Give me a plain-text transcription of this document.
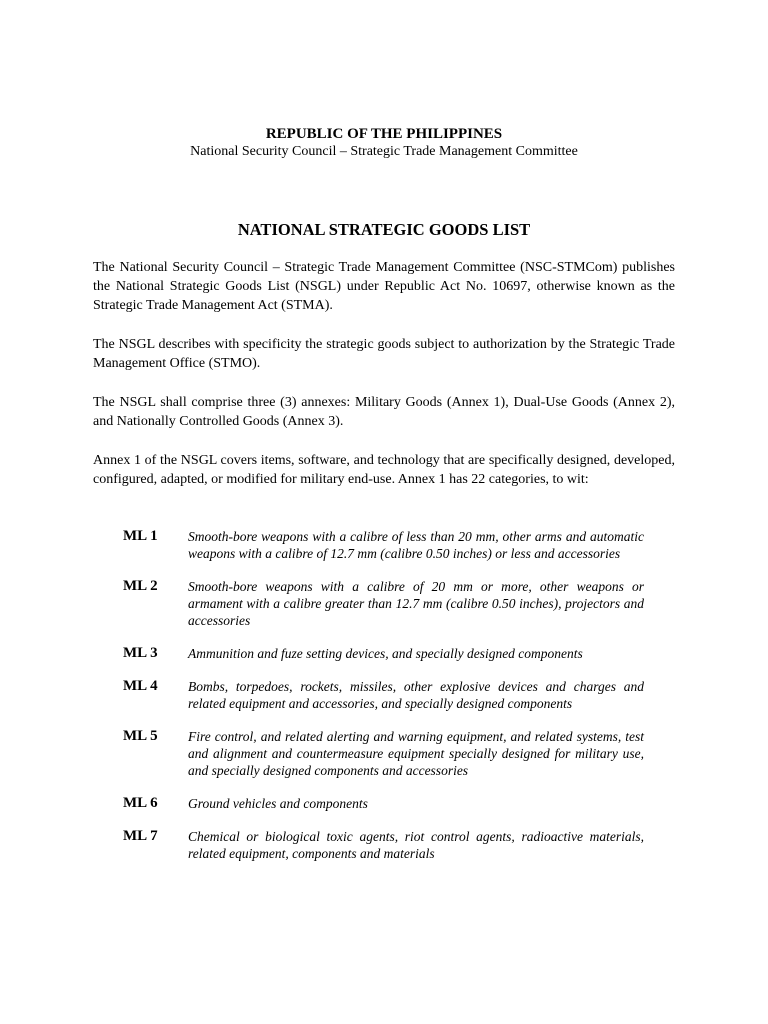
REPUBLIC OF THE PHILIPPINES
National Security Council – Strategic Trade Management Committee
NATIONAL STRATEGIC GOODS LIST

The National Security Council – Strategic Trade Management Committee (NSC-STMCom) publishes the National Strategic Goods List (NSGL) under Republic Act No. 10697, otherwise known as the Strategic Trade Management Act (STMA).

The NSGL describes with specificity the strategic goods subject to authorization by the Strategic Trade Management Office (STMO).

The NSGL shall comprise three (3) annexes: Military Goods (Annex 1), Dual-Use Goods (Annex 2), and Nationally Controlled Goods (Annex 3).

Annex 1 of the NSGL covers items, software, and technology that are specifically designed, developed, configured, adapted, or modified for military end-use. Annex 1 has 22 categories, to wit:

ML 1	Smooth-bore weapons with a calibre of less than 20 mm, other arms and automatic weapons with a calibre of 12.7 mm (calibre 0.50 inches) or less and accessories
ML 2	Smooth-bore weapons with a calibre of 20 mm or more, other weapons or armament with a calibre greater than 12.7 mm (calibre 0.50 inches), projectors and accessories
ML 3	Ammunition and fuze setting devices, and specially designed components
ML 4	Bombs, torpedoes, rockets, missiles, other explosive devices and charges and related equipment and accessories, and specially designed components
ML 5	Fire control, and related alerting and warning equipment, and related systems, test and alignment and countermeasure equipment specially designed for military use, and specially designed components and accessories
ML 6	Ground vehicles and components
ML 7	Chemical or biological toxic agents, riot control agents, radioactive materials, related equipment, components and materials
